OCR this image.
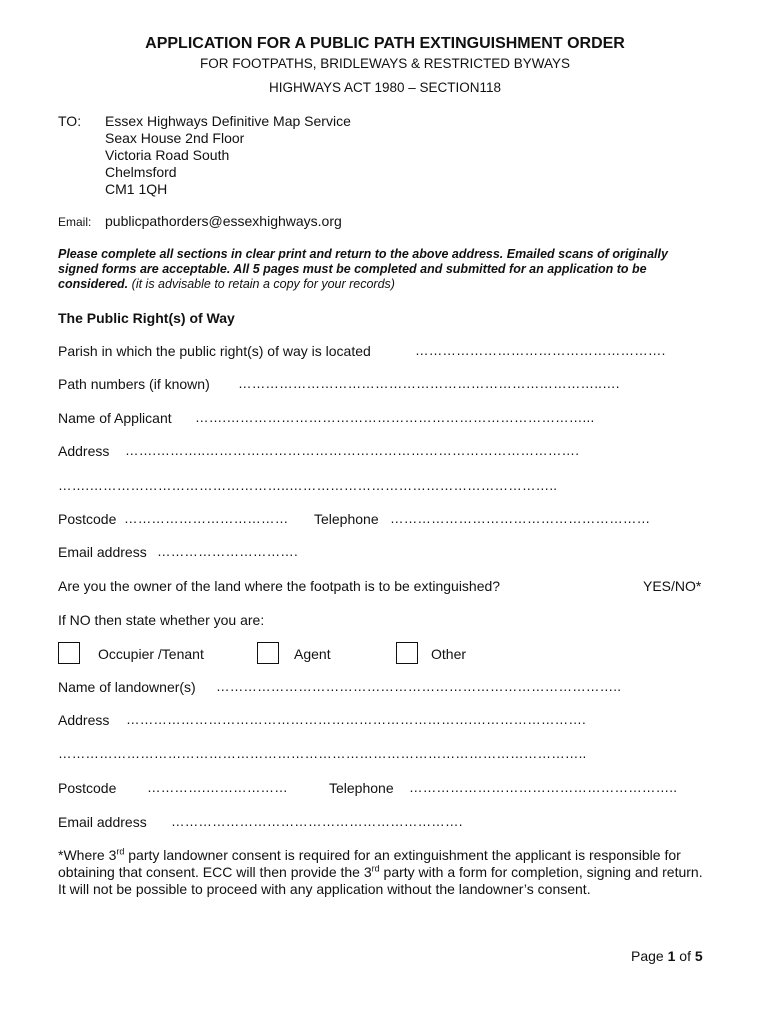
APPLICATION FOR A PUBLIC PATH EXTINGUISHMENT ORDER
FOR FOOTPATHS, BRIDLEWAYS & RESTRICTED BYWAYS
HIGHWAYS ACT 1980 – SECTION118
TO: Essex Highways Definitive Map Service
Seax House 2nd Floor
Victoria Road South
Chelmsford
CM1 1QH
Email: publicpathorders@essexhighways.org
Please complete all sections in clear print and return to the above address. Emailed scans of originally signed forms are acceptable. All 5 pages must be completed and submitted for an application to be considered. (it is advisable to retain a copy for your records)
The Public Right(s) of Way
Parish in which the public right(s) of way is located	……………………………………………….
Path numbers (if known) ……………………………………………………………………..….
Name of Applicant …….……………………………………………………………………...
Address …….………..……………………………………………………………………….
…….……………………………………..…………………………………………………..
Postcode ………………………………	Telephone …………………………………………………
Email address ………………………….
Are you the owner of the land where the footpath is to be extinguished?	YES/NO*
If NO then state whether you are:
Occupier /Tenant	Agent	Other
Name of landowner(s) ……………………………………………………………………………..
Address ………………………………………………………………….…………………….
……………………………………………………………………………………………………..
Postcode ………….………………	Telephone …………………………………………………..
Email address ……………………………………………………….
*Where 3rd party landowner consent is required for an extinguishment the applicant is responsible for obtaining that consent. ECC will then provide the 3rd party with a form for completion, signing and return. It will not be possible to proceed with any application without the landowner’s consent.
Page 1 of 5
